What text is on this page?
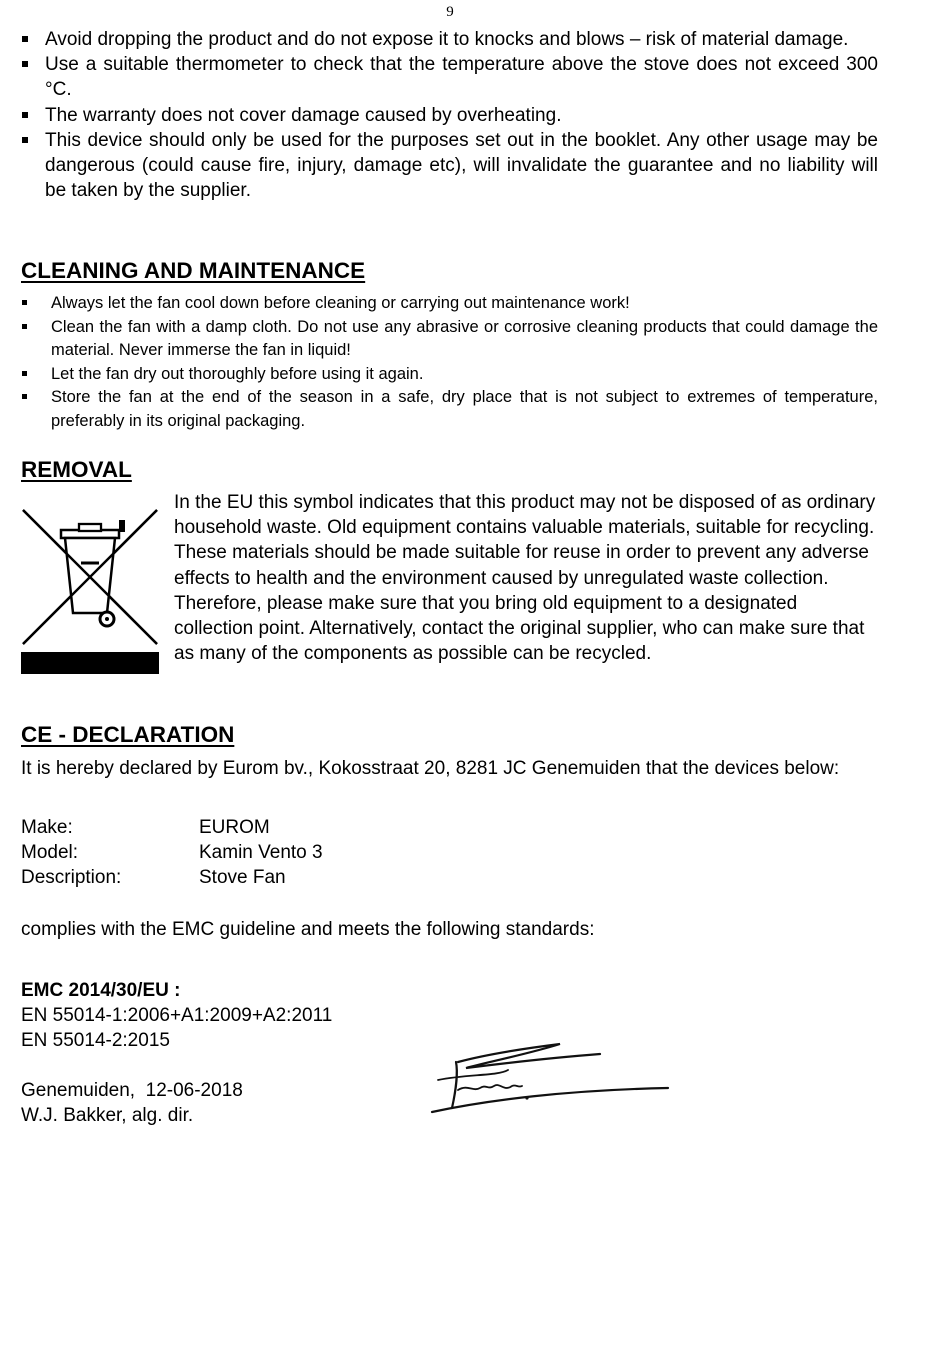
9
Avoid dropping the product and do not expose it to knocks and blows – risk of material damage.
Use a suitable thermometer to check that the temperature above the stove does not exceed 300 °C.
The warranty does not cover damage caused by overheating.
This device should only be used for the purposes set out in the booklet. Any other usage may be dangerous (could cause fire, injury, damage etc), will invalidate the guarantee and no liability will be taken by the supplier.
CLEANING AND MAINTENANCE
Always let the fan cool down before cleaning or carrying out maintenance work!
Clean the fan with a damp cloth. Do not use any abrasive or corrosive cleaning products that could damage the material. Never immerse the fan in liquid!
Let the fan dry out thoroughly before using it again.
Store the fan at the end of the season in a safe, dry place that is not subject to extremes of temperature, preferably in its original packaging.
REMOVAL

In the EU this symbol indicates that this product may not be disposed of as ordinary household waste. Old equipment contains valuable materials, suitable for recycling. These materials should be made suitable for reuse in order to prevent any adverse effects to health and the environment caused by unregulated waste collection. Therefore, please make sure that you bring old equipment to a designated collection point. Alternatively, contact the original supplier, who can make sure that as many of the components as possible can be recycled.

CE - DECLARATION

It is hereby declared by Eurom bv., Kokosstraat 20, 8281 JC Genemuiden that the devices below:

Make:	EUROM
Model:	Kamin Vento 3
Description:	Stove Fan

complies with the EMC guideline and meets the following standards:

EMC 2014/30/EU :

EN 55014-1:2006+A1:2009+A2:2011

EN 55014-2:2015

Genemuiden,  12-06-2018

W.J. Bakker, alg. dir.
